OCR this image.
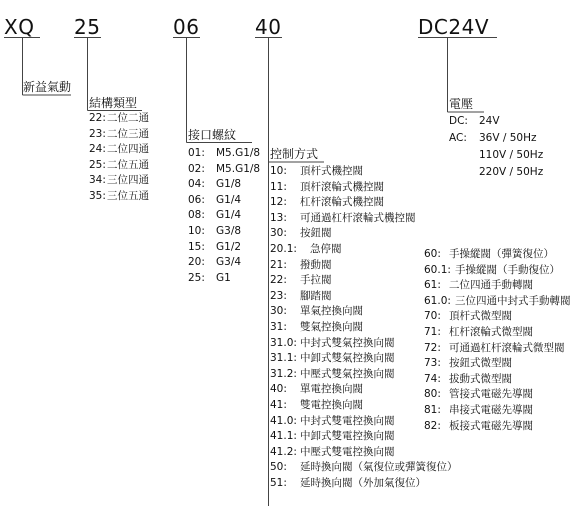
XQ 25	06	40	DC24V
新益氣動
結構類型
接口螺紋
控制方式
電壓
22: 二位二通
23: 二位三通
24: 二位四通
25: 二位五通
34: 三位四通
35: 三位五通
01:	M5.G1/8
02:	M5.G1/8
04:	G1/8
06:	G1/4
08:	G1/4
10:	G3/8
15:	G1/2
20:	G3/4
25:	G1
10:	頂杆式機控閥
11:	頂杆滾輪式機控閥
12:	杠杆滾輪式機控閥
13:	可通過杠杆滾輪式機控閥
30:	按鈕閥
20.1:	急停閥
21:	撥動閥
22:	手拉閥
23:	腳踏閥
30:	單氣控換向閥
31:	雙氣控換向閥
31.0: 中封式雙氣控換向閥
31.1: 中卸式雙氣控換向閥
31.2: 中壓式雙氣控換向閥
40:	單電控換向閥
41:	雙電控換向閥
41.0: 中封式雙電控換向閥
41.1: 中卸式雙電控換向閥
41.2: 中壓式雙電控換向閥
50:	延時換向閥（氣復位或彈簧復位）
51:	延時換向閥（外加氣復位）
60: 手操縱閥（彈簧復位）
60.1: 手操縱閥（手動復位）
61: 二位四通手動轉閥
61.0: 三位四通中封式手動轉閥
70: 頂杆式微型閥
71: 杠杆滾輪式微型閥
72: 可通過杠杆滾輪式微型閥
73: 按鈕式微型閥
74: 拔動式微型閥
80: 管接式電磁先導閥
81: 串接式電磁先導閥
82: 板接式電磁先導閥
DC:	24V
AC:	36V / 50Hz
110V / 50Hz
220V / 50Hz
